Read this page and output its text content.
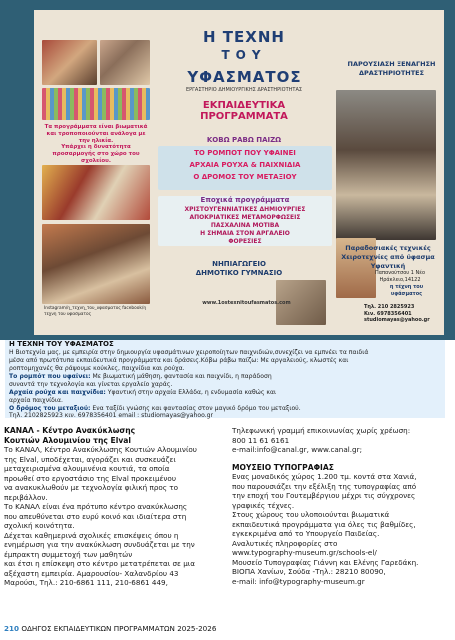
Η ΤΕΧΝΗ
ΤΟΥ
ΥΦΑΣΜΑΤΟΣ
ΕΡΓΑΣΤΗΡΙΟ ΔΗΜΙΟΥΡΓΙΚΗΣ ΔΡΑΣΤΗΡΙΟΤΗΤΑΣ
ΕΚΠΑΙΔΕΥΤΙΚΑ ΠΡΟΓΡΑΜΜΑΤΑ
ΚΟΒΩ ΡΑΒΩ ΠΑΙΖΩ
ΤΟ ΡΟΜΠΟΤ ΠΟΥ ΥΦΑΙΝΕΙ
ΑΡΧΑΙΑ ΡΟΥΧΑ & ΠΑΙΧΝΙΔΙΑ
Ο ΔΡΟΜΟΣ ΤΟΥ ΜΕΤΑΞΙΟΥ
Εποχικά προγράμματα
ΧΡΙΣΤΟΥΓΕΝΝΙΑΤΙΚΕΣ ΔΗΜΙΟΥΡΓΙΕΣ
ΑΠΟΚΡΙΑΤΙΚΕΣ ΜΕΤΑΜΟΡΦΩΣΕΙΣ
ΠΑΣΧΑΛΙΝΑ ΜΟΤΙΒΑ
Η ΣΗΜΑΙΑ ΣΤΟΝ ΑΡΓΑΛΕΙΟ
ΦΟΡΕΣΙΕΣ
ΝΗΠΙΑΓΩΓΕΙΟ ΔΗΜΟΤΙΚΟ ΓΥΜΝΑΣΙΟ
www.1ostexnitoufasmatos.com
ΠΑΡΟΥΣΙΑΣΗ ΞΕΝΑΓΗΣΗ ΔΡΑΣΤΗΡΙΟΤΗΤΕΣ
Παραδοσιακές τεχνικές Χειροτεχνίες από ύφασμα Υφαντική
Παπανούτσου 1 Νέο Ηράκλειο,14122
η τέχνη του υφάσματος
Τηλ. 210 2825923
Κιν. 6978356401
studiomayas@yahoo.gr
Τα προγράμματα είναι βιωματικά και τροποποιούνται ανάλογα με την ηλικία.
Υπάρχει η δυνατότητα προσαρμογής στο χώρο του σχολείου.
Instagram/η_τεχνη_του_υφασματος facebook/η τεχνη του υφασματος
Η ΤΕΧΝΗ ΤΟΥ ΥΦΑΣΜΑΤΟΣ
Η Βιοτεχνία μας, με εμπειρία στην δημιουργία υφασμάτινων χειροποίητων παιχνιδιών,συνεχίζει να εμπνέει τα παιδιά
μέσα από πρωτότυπα εκπαιδευτικά προγράμματα και δράσεις.Κόβω ράβω παίζω: Με αργαλειούς, κλωστές και
ροπτομηχανές θα ράψουμε κούκλες, παιχνίδια και ρούχα.
Το ρομπότ που υφαίνει: Με βιωματική μάθηση, φαντασία και παιχνίδι, η παράδοση
συναντά την τεχνολογία και γίνεται εργαλείο χαράς.
Αρχαία ρούχα και παιχνίδια: Υφαντική στην αρχαία Ελλάδα, η ενδυμασία καθώς και
αρχαία παιχνίδια.
Ο δρόμος του μεταξιού: Ενα ταξίδι γνώσης και φαντασίας στον μαγικό δρόμο του μεταξιού.
Τηλ. 2102825923 κιν. 6978356401 email : studiomayas@yahoo.gr
ΚΑΝΑΛ - Κέντρο Ανακύκλωσης
Κουτιών Αλουμινίου της Elval
Το ΚΑΝΑΛ, Κέντρο Ανακύκλωσης Κουτιών Αλουμινίου
της Elval, υποδέχεται, αγοράζει και συσκευάζει
μεταχειρισμένα αλουμινένια κουτιά, τα οποία
προωθεί στο εργοστάσιο της Elval προκειμένου
να ανακυκλωθούν με τεχνολογία φιλική προς το
περιβάλλον.
Το ΚΑΝΑΛ είναι ένα πρότυπο κέντρο ανακύκλωσης
που απευθύνεται στο ευρύ κοινό και ιδιαίτερα στη
σχολική κοινότητα.
Δέχεται καθημερινά σχολικές επισκέψεις όπου η
ενημέρωση για την ανακύκλωση συνδυάζεται με την
έμπρακτη συμμετοχή των μαθητών
και έτσι η επίσκεψη στο κέντρο μετατρέπεται σε μια
αξέχαστη εμπειρία. Αμαρουσίου- Χαλανδρίου 43
Μαρούσι, Τηλ.: 210-6861 111, 210-6861 449,
Τηλεφωνική γραμμή επικοινωνίας χωρίς χρέωση:
800 11 61 6161
e-mail:info@canal.gr, www.canal.gr;
ΜΟΥΣΕΙΟ ΤΥΠΟΓΡΑΦΙΑΣ
Ενας μοναδικός χώρος 1.200 τμ. κοντά στα Χανιά,
που παρουσιάζει την εξέλιξη της τυπογραφίας από
την εποχή του Γουτεμβέργιου μέχρι τις σύγχρονες
γραφικές τέχνες.
Στους χώρους του υλοποιούνται βιωματικά
εκπαιδευτικά προγράμματα για όλες τις βαθμίδες,
εγκεκριμένα από το Υπουργείο Παιδείας.
Αναλυτικές πληροφορίες στο
www.typography-museum.gr/schools-el/
Μουσείο Τυπογραφίας Γιάννη και Ελένης Γαρεδάκη.
ΒΙΟΠΑ Χανίων, Σούδα -Τηλ.: 28210 80090,
e-mail: info@typography-museum.gr
210 ΟΔΗΓΟΣ ΕΚΠΑΙΔΕΥΤΙΚΩΝ ΠΡΟΓΡΑΜΜΑΤΩΝ 2025-2026
